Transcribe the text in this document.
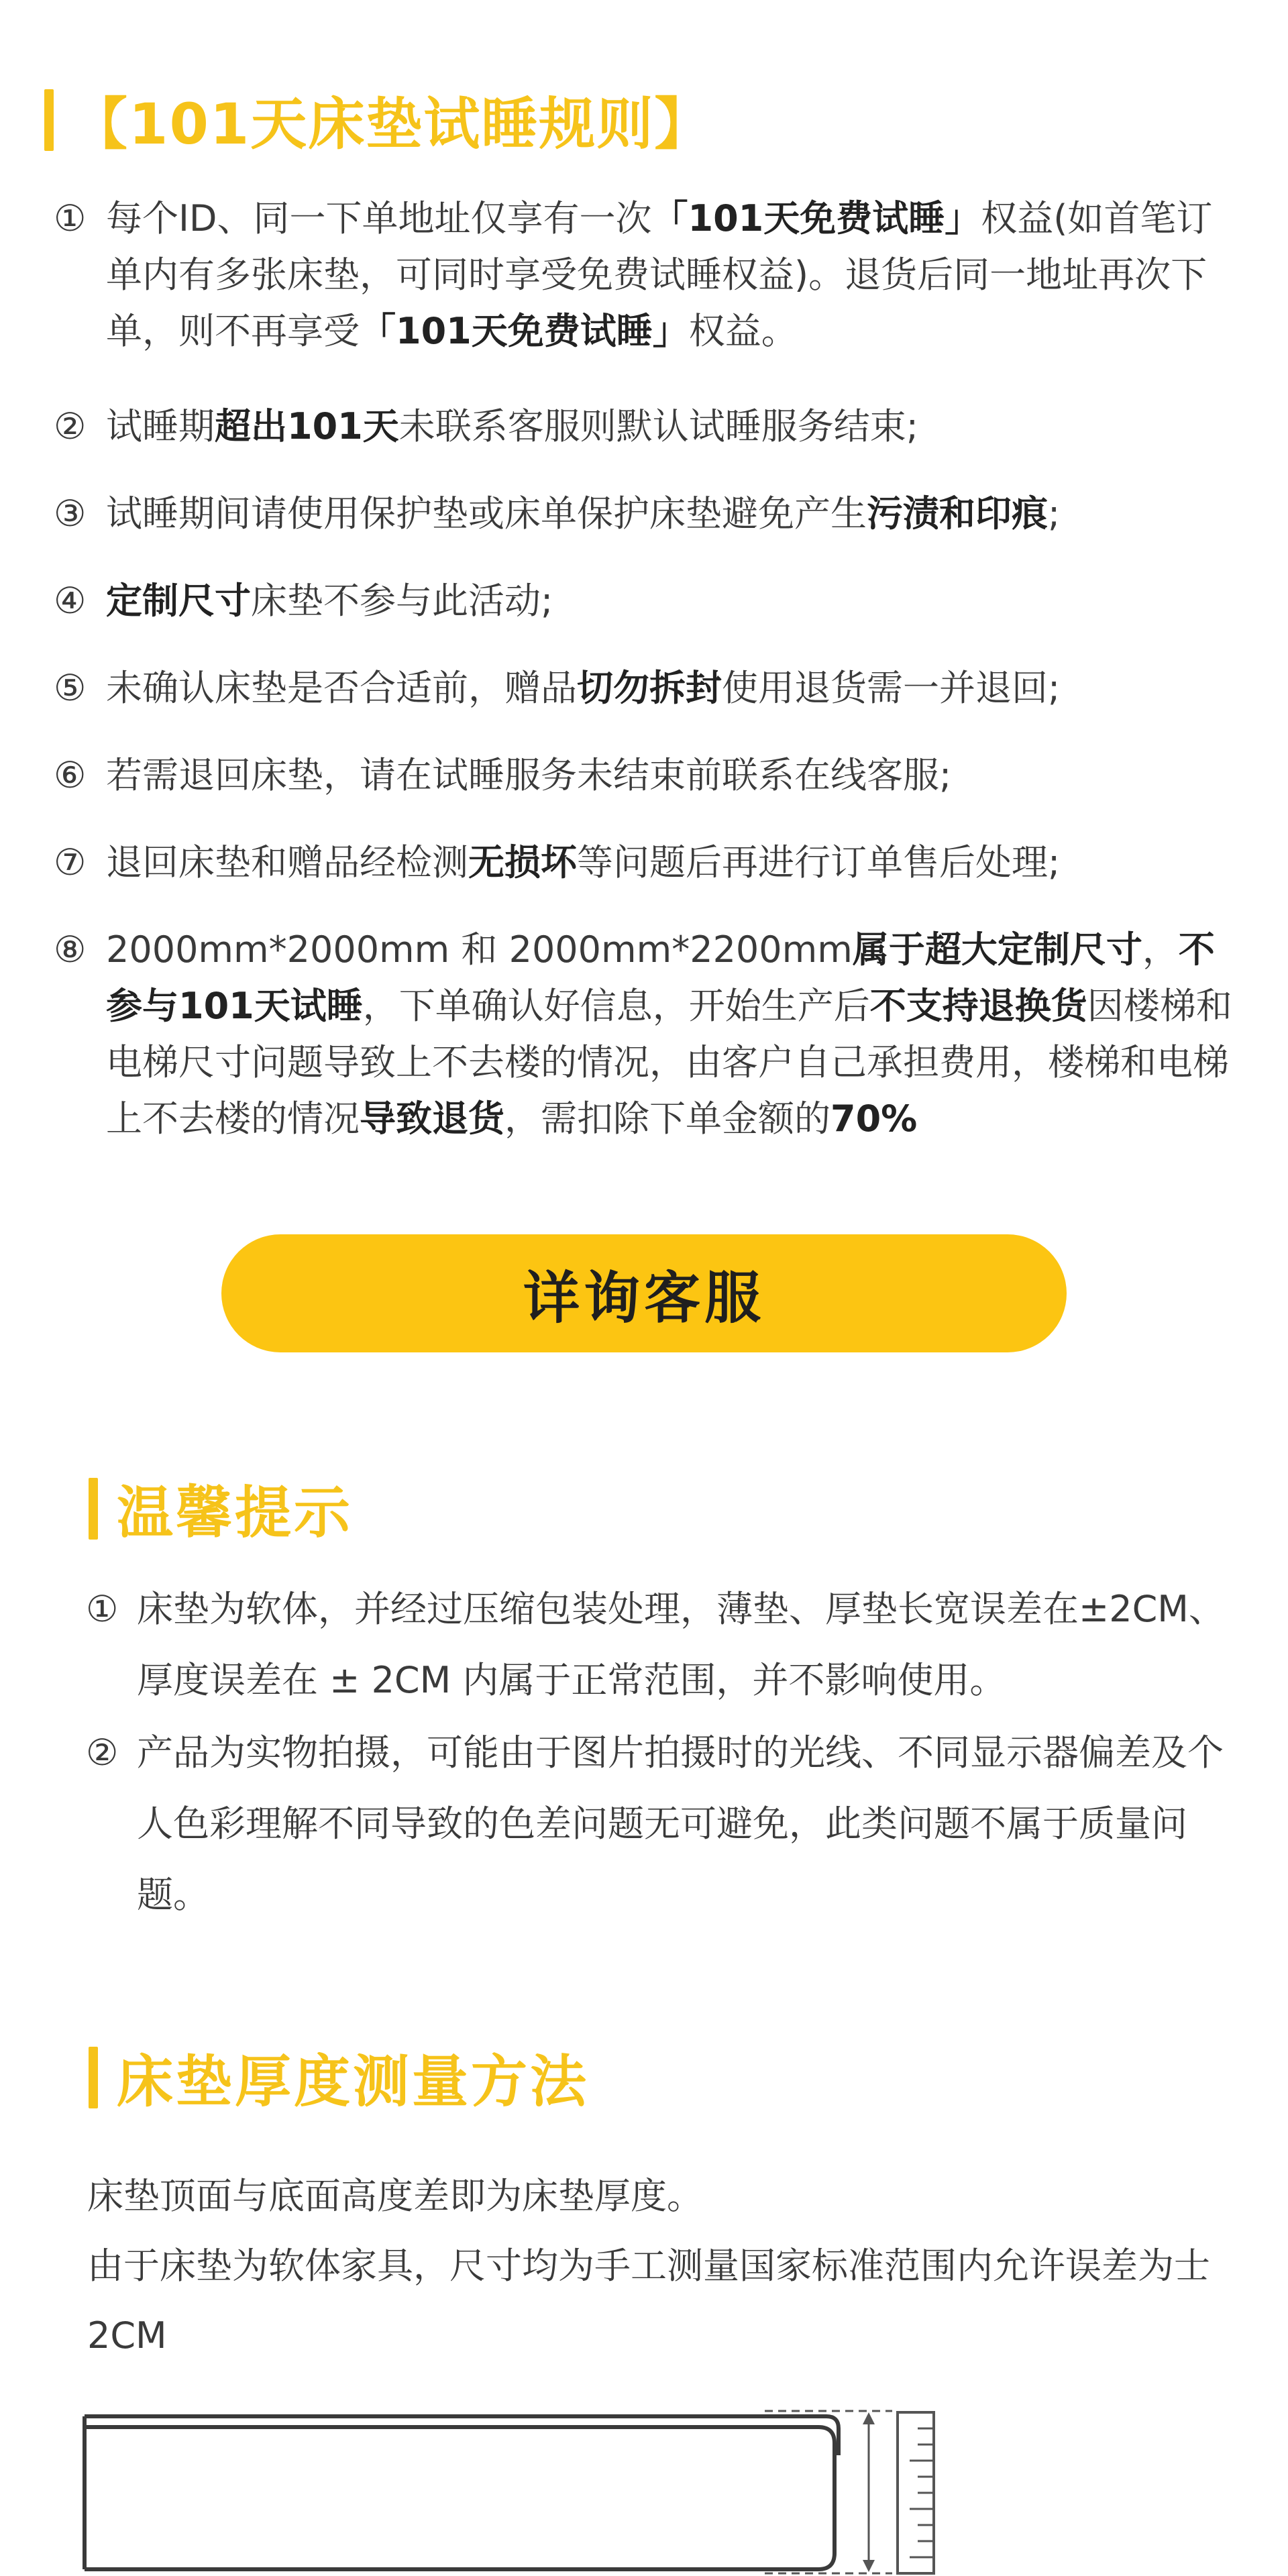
【101天床垫试睡规则】
① 每个ID、同一下单地址仅享有一次「101天免费试睡」权益(如首笔订单内有多张床垫，可同时享受免费试睡权益)。退货后同一地址再次下单，则不再享受「101天免费试睡」权益。
② 试睡期超出101天未联系客服则默认试睡服务结束;
③ 试睡期间请使用保护垫或床单保护床垫避免产生污渍和印痕;
④ 定制尺寸床垫不参与此活动;
⑤ 未确认床垫是否合适前，赠品切勿拆封使用退货需一并退回;
⑥ 若需退回床垫，请在试睡服务未结束前联系在线客服;
⑦ 退回床垫和赠品经检测无损坏等问题后再进行订单售后处理;
⑧ 2000mm*2000mm 和 2000mm*2200mm属于超大定制尺寸，不参与101天试睡，下单确认好信息，开始生产后不支持退换货因楼梯和电梯尺寸问题导致上不去楼的情况，由客户自己承担费用，楼梯和电梯上不去楼的情况导致退货，需扣除下单金额的70%
详询客服
温馨提示
① 床垫为软体，并经过压缩包装处理，薄垫、厚垫长宽误差在±2CM、厚度误差在 ± 2CM 内属于正常范围，并不影响使用。
② 产品为实物拍摄，可能由于图片拍摄时的光线、不同显示器偏差及个人色彩理解不同导致的色差问题无可避免，此类问题不属于质量问题。
床垫厚度测量方法
床垫顶面与底面高度差即为床垫厚度。
由于床垫为软体家具，尺寸均为手工测量国家标准范围内允许误差为士 2CM
